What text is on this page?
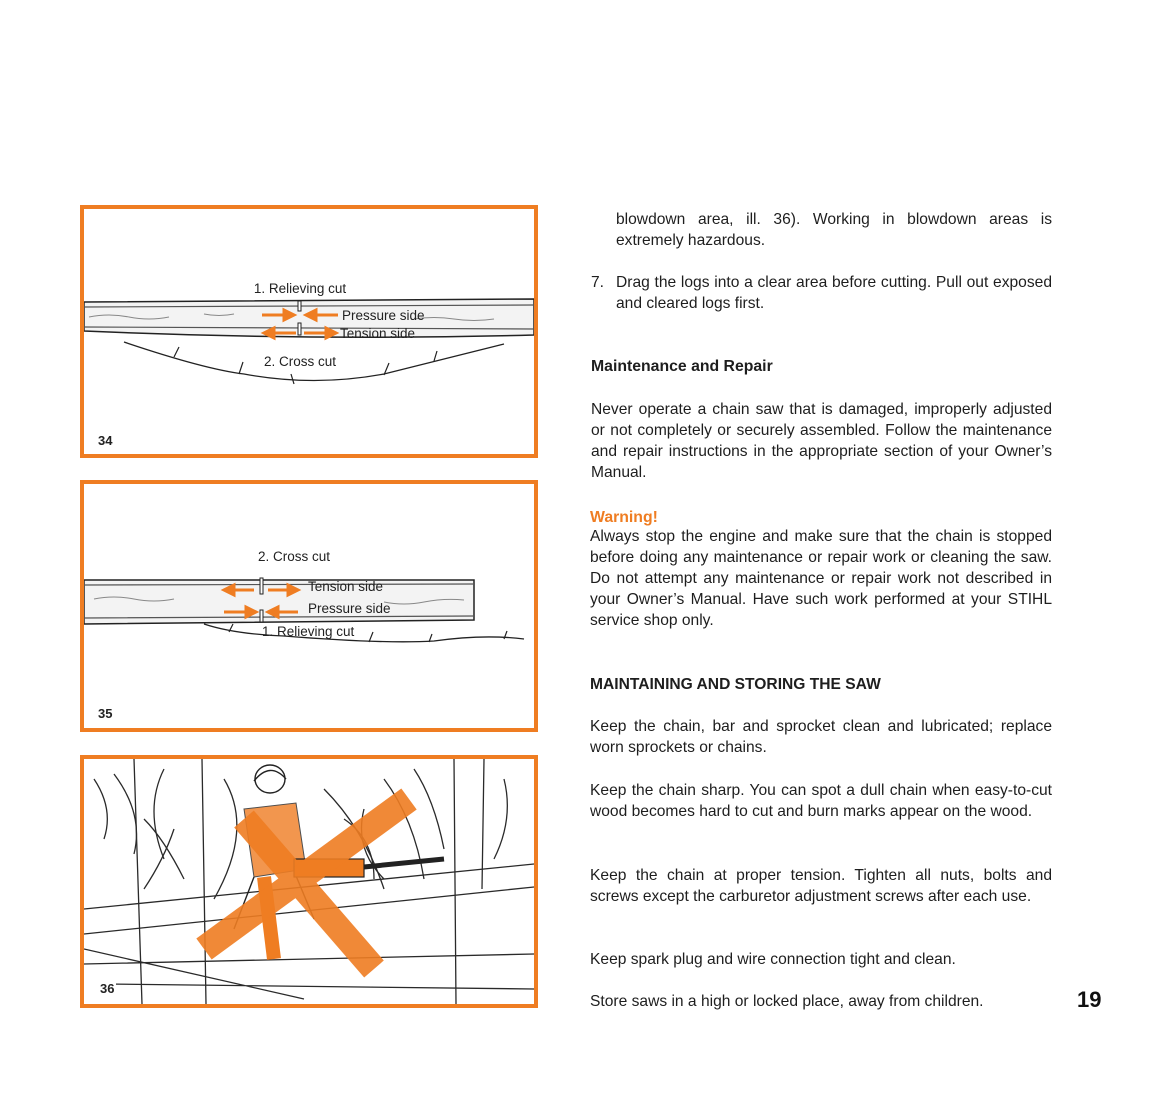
1. Relieving cut
Pressure side
Tension side
2. Cross cut
34
2. Cross cut
Tension side
Pressure side
1. Relieving cut
35
36

blowdown area, ill. 36). Working in blowdown areas is extremely hazardous.

7. Drag the logs into a clear area before cutting. Pull out exposed and cleared logs first.

Maintenance and Repair

Never operate a chain saw that is damaged, improperly adjusted or not completely or securely assembled. Follow the maintenance and repair instructions in the appropriate section of your Owner’s Manual.

Warning!

Always stop the engine and make sure that the chain is stopped before doing any maintenance or repair work or cleaning the saw. Do not attempt any maintenance or repair work not described in your Owner’s Manual. Have such work performed at your STIHL service shop only.

MAINTAINING AND STORING THE SAW

Keep the chain, bar and sprocket clean and lubricated; replace worn sprockets or chains.

Keep the chain sharp. You can spot a dull chain when easy-to-cut wood becomes hard to cut and burn marks appear on the wood.

Keep the chain at proper tension. Tighten all nuts, bolts and screws except the carburetor adjustment screws after each use.

Keep spark plug and wire connection tight and clean.

Store saws in a high or locked place, away from children.	19
